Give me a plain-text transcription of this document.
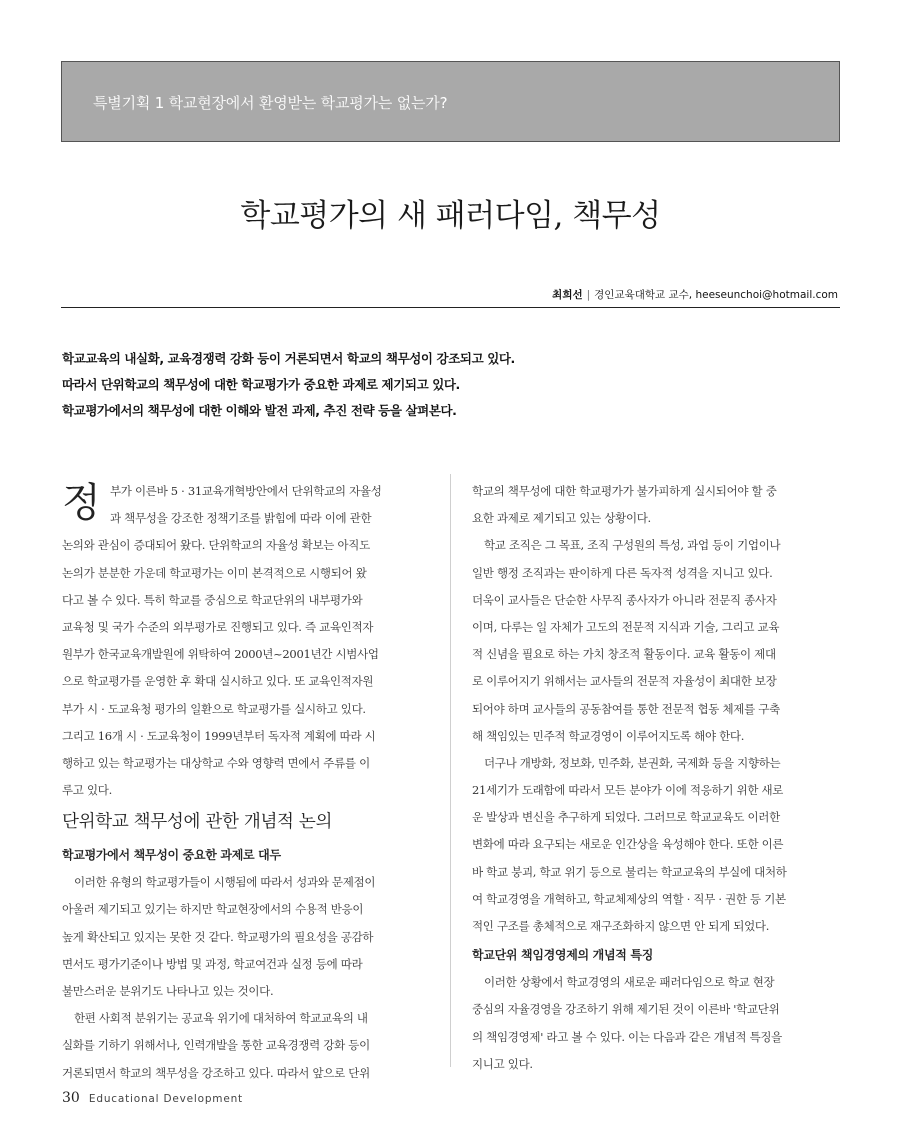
특별기획 1 학교현장에서 환영받는 학교평가는 없는가?
학교평가의 새 패러다임, 책무성
최희선 | 경인교육대학교 교수, heeseunchoi@hotmail.com
학교교육의 내실화, 교육경쟁력 강화 등이 거론되면서 학교의 책무성이 강조되고 있다.
따라서 단위학교의 책무성에 대한 학교평가가 중요한 과제로 제기되고 있다.
학교평가에서의 책무성에 대한 이해와 발전 과제, 추진 전략 등을 살펴본다.
정 부가 이른바 5 · 31교육개혁방안에서 단위학교의 자율성
과 책무성을 강조한 정책기조를 밝힘에 따라 이에 관한
논의와 관심이 증대되어 왔다. 단위학교의 자율성 확보는 아직도
논의가 분분한 가운데 학교평가는 이미 본격적으로 시행되어 왔
다고 볼 수 있다. 특히 학교를 중심으로 학교단위의 내부평가와
교육청 및 국가 수준의 외부평가로 진행되고 있다. 즉 교육인적자
원부가 한국교육개발원에 위탁하여 2000년~2001년간 시범사업
으로 학교평가를 운영한 후 확대 실시하고 있다. 또 교육인적자원
부가 시 · 도교육청 평가의 일환으로 학교평가를 실시하고 있다.
그리고 16개 시 · 도교육청이 1999년부터 독자적 계획에 따라 시
행하고 있는 학교평가는 대상학교 수와 영향력 면에서 주류를 이
루고 있다.
단위학교 책무성에 관한 개념적 논의
학교평가에서 책무성이 중요한 과제로 대두
이러한 유형의 학교평가들이 시행됨에 따라서 성과와 문제점이
아울러 제기되고 있기는 하지만 학교현장에서의 수용적 반응이
높게 확산되고 있지는 못한 것 같다. 학교평가의 필요성을 공감하
면서도 평가기준이나 방법 및 과정, 학교여건과 실정 등에 따라
불만스러운 분위기도 나타나고 있는 것이다.
한편 사회적 분위기는 공교육 위기에 대처하여 학교교육의 내
실화를 기하기 위해서나, 인력개발을 통한 교육경쟁력 강화 등이
거론되면서 학교의 책무성을 강조하고 있다. 따라서 앞으로 단위
학교의 책무성에 대한 학교평가가 불가피하게 실시되어야 할 중
요한 과제로 제기되고 있는 상황이다.
학교 조직은 그 목표, 조직 구성원의 특성, 과업 등이 기업이나
일반 행정 조직과는 판이하게 다른 독자적 성격을 지니고 있다.
더욱이 교사들은 단순한 사무직 종사자가 아니라 전문직 종사자
이며, 다루는 일 자체가 고도의 전문적 지식과 기술, 그리고 교육
적 신념을 필요로 하는 가치 창조적 활동이다. 교육 활동이 제대
로 이루어지기 위해서는 교사들의 전문적 자율성이 최대한 보장
되어야 하며 교사들의 공동참여를 통한 전문적 협동 체제를 구축
해 책임있는 민주적 학교경영이 이루어지도록 해야 한다.
더구나 개방화, 정보화, 민주화, 분권화, 국제화 등을 지향하는
21세기가 도래함에 따라서 모든 분야가 이에 적응하기 위한 새로
운 발상과 변신을 추구하게 되었다. 그러므로 학교교육도 이러한
변화에 따라 요구되는 새로운 인간상을 육성해야 한다. 또한 이른
바 학교 붕괴, 학교 위기 등으로 불리는 학교교육의 부실에 대처하
여 학교경영을 개혁하고, 학교체제상의 역할 · 직무 · 권한 등 기본
적인 구조를 총체적으로 재구조화하지 않으면 안 되게 되었다.
학교단위 책임경영제의 개념적 특징
이러한 상황에서 학교경영의 새로운 패러다임으로 학교 현장
중심의 자율경영을 강조하기 위해 제기된 것이 이른바 '학교단위
의 책임경영제' 라고 볼 수 있다. 이는 다음과 같은 개념적 특징을
지니고 있다.
30 Educational Development
